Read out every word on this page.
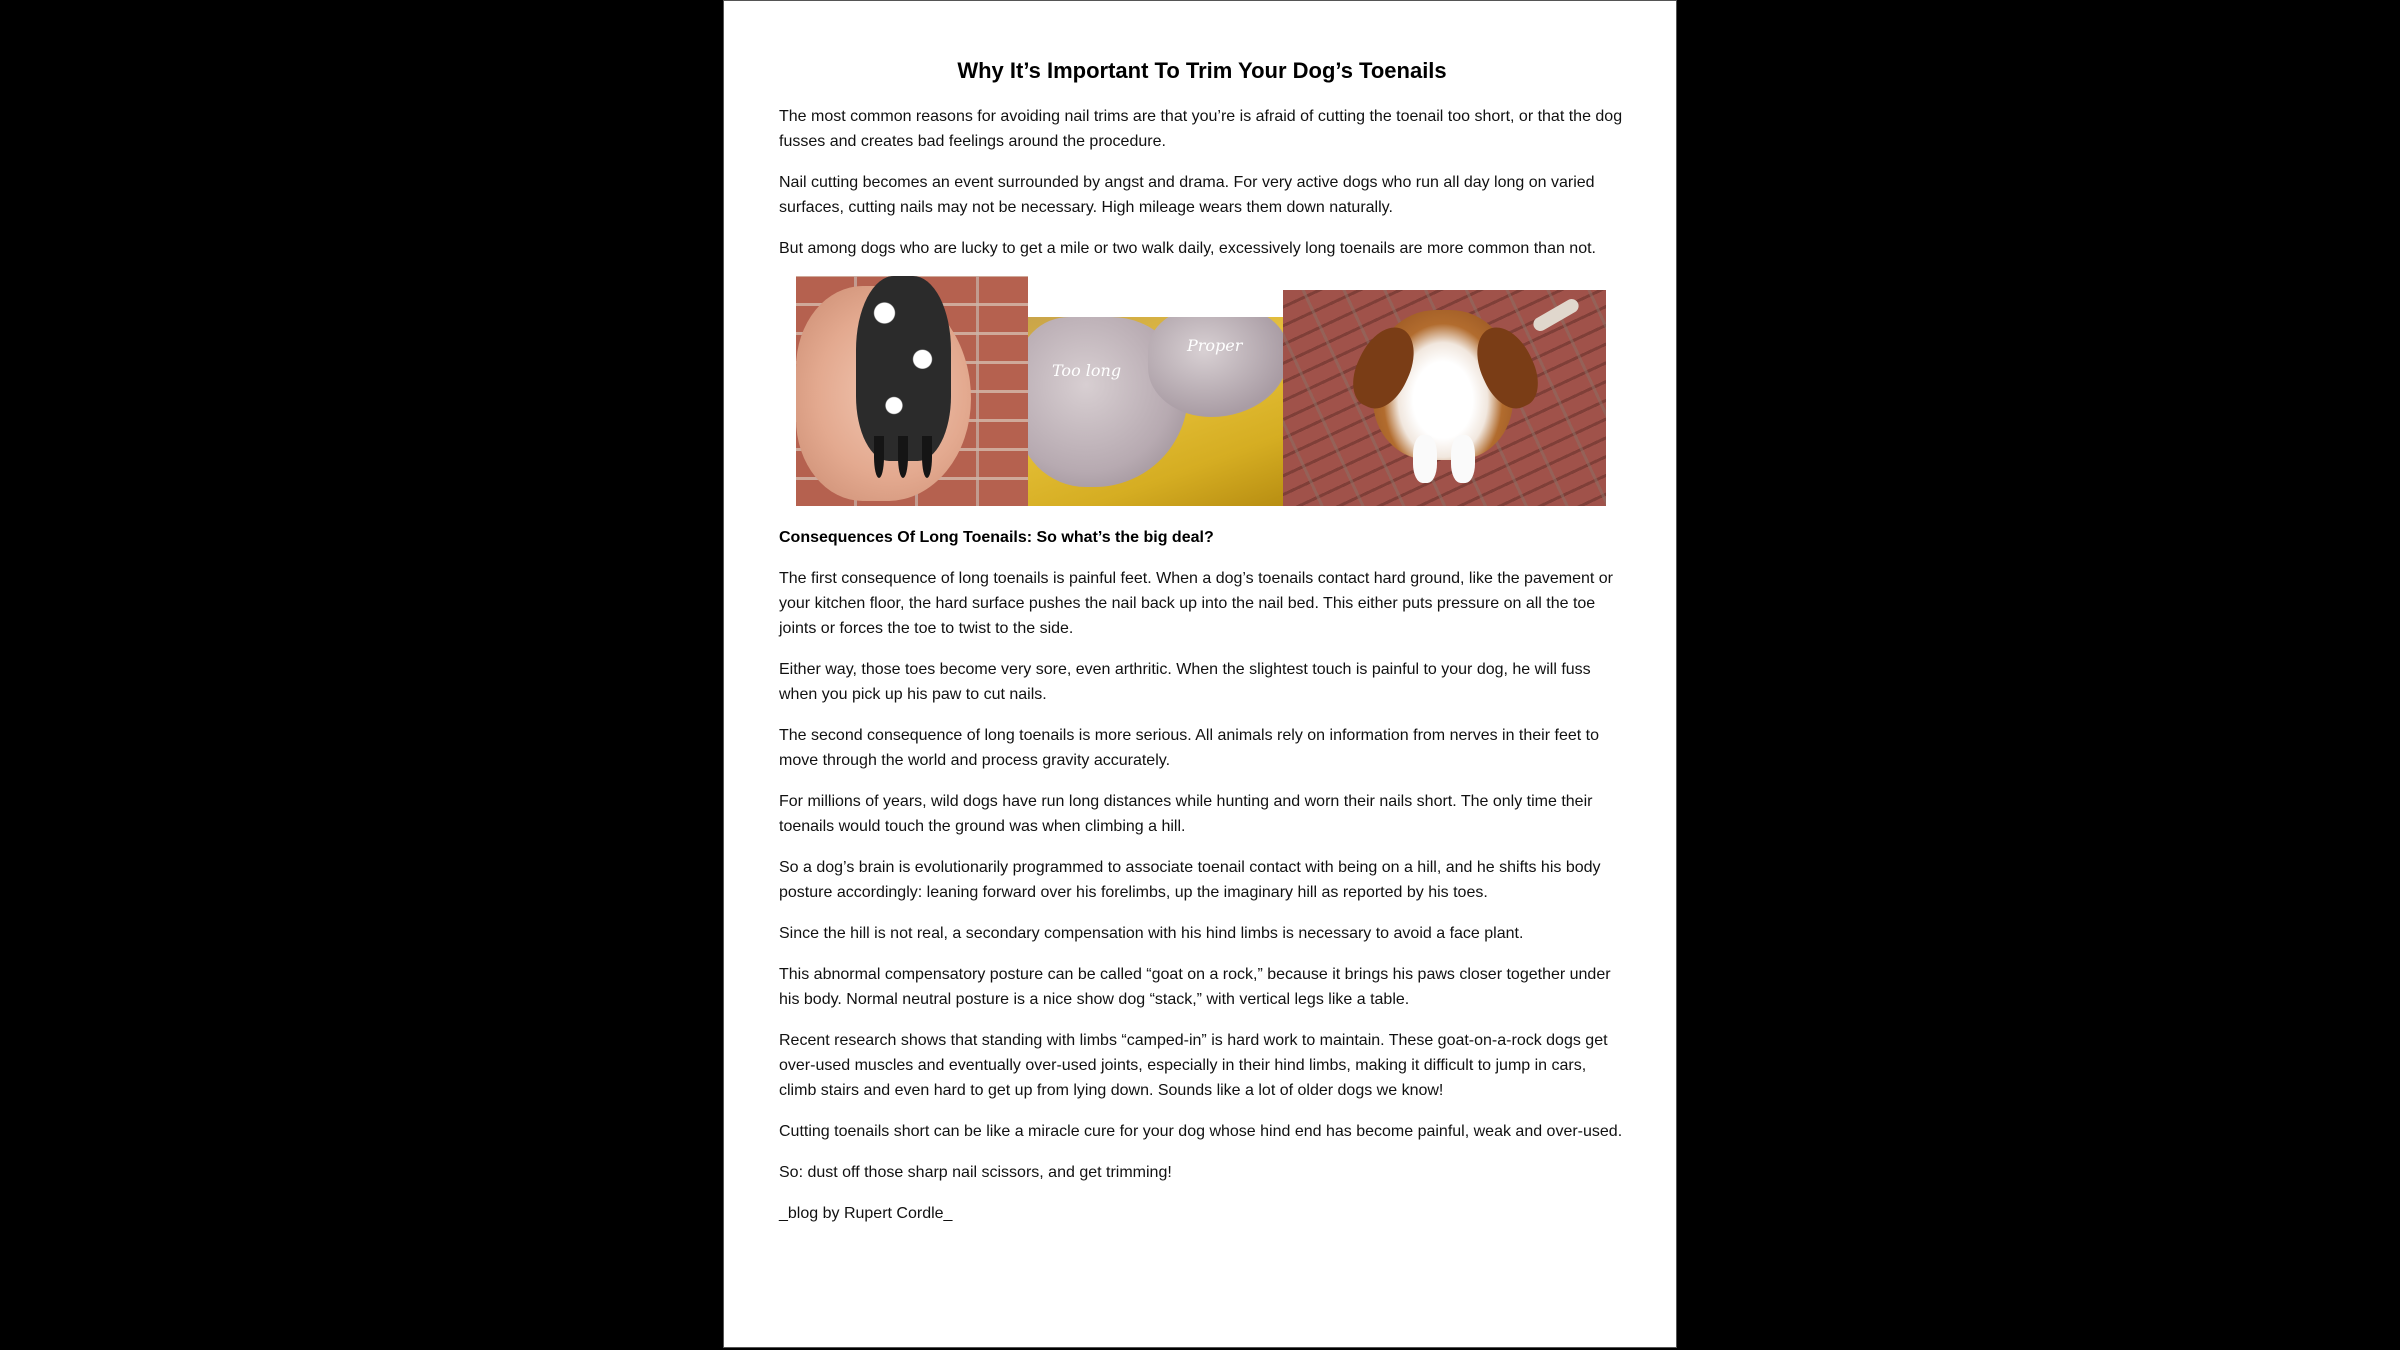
Why It’s Important To Trim Your Dog’s Toenails

The most common reasons for avoiding nail trims are that you’re is afraid of cutting the toenail too short, or that the dog fusses and creates bad feelings around the procedure.

Nail cutting becomes an event surrounded by angst and drama. For very active dogs who run all day long on varied surfaces, cutting nails may not be necessary. High mileage wears them down naturally.

But among dogs who are lucky to get a mile or two walk daily, excessively long toenails are more common than not.

Too long
Proper

Consequences Of Long Toenails: So what’s the big deal?

The first consequence of long toenails is painful feet. When a dog’s toenails contact hard ground, like the pavement or your kitchen floor, the hard surface pushes the nail back up into the nail bed. This either puts pressure on all the toe joints or forces the toe to twist to the side.

Either way, those toes become very sore, even arthritic. When the slightest touch is painful to your dog, he will fuss when you pick up his paw to cut nails.

The second consequence of long toenails is more serious. All animals rely on information from nerves in their feet to move through the world and process gravity accurately.

For millions of years, wild dogs have run long distances while hunting and worn their nails short. The only time their toenails would touch the ground was when climbing a hill.

So a dog’s brain is evolutionarily programmed to associate toenail contact with being on a hill, and he shifts his body posture accordingly: leaning forward over his forelimbs, up the imaginary hill as reported by his toes.

Since the hill is not real, a secondary compensation with his hind limbs is necessary to avoid a face plant.

This abnormal compensatory posture can be called “goat on a rock,” because it brings his paws closer together under his body. Normal neutral posture is a nice show dog “stack,” with vertical legs like a table.

Recent research shows that standing with limbs “camped-in” is hard work to maintain. These goat-on-a-rock dogs get over-used muscles and eventually over-used joints, especially in their hind limbs, making it difficult to jump in cars, climb stairs and even hard to get up from lying down. Sounds like a lot of older dogs we know!

Cutting toenails short can be like a miracle cure for your dog whose hind end has become painful, weak and over-used.

So: dust off those sharp nail scissors, and get trimming!

_blog by Rupert Cordle_
